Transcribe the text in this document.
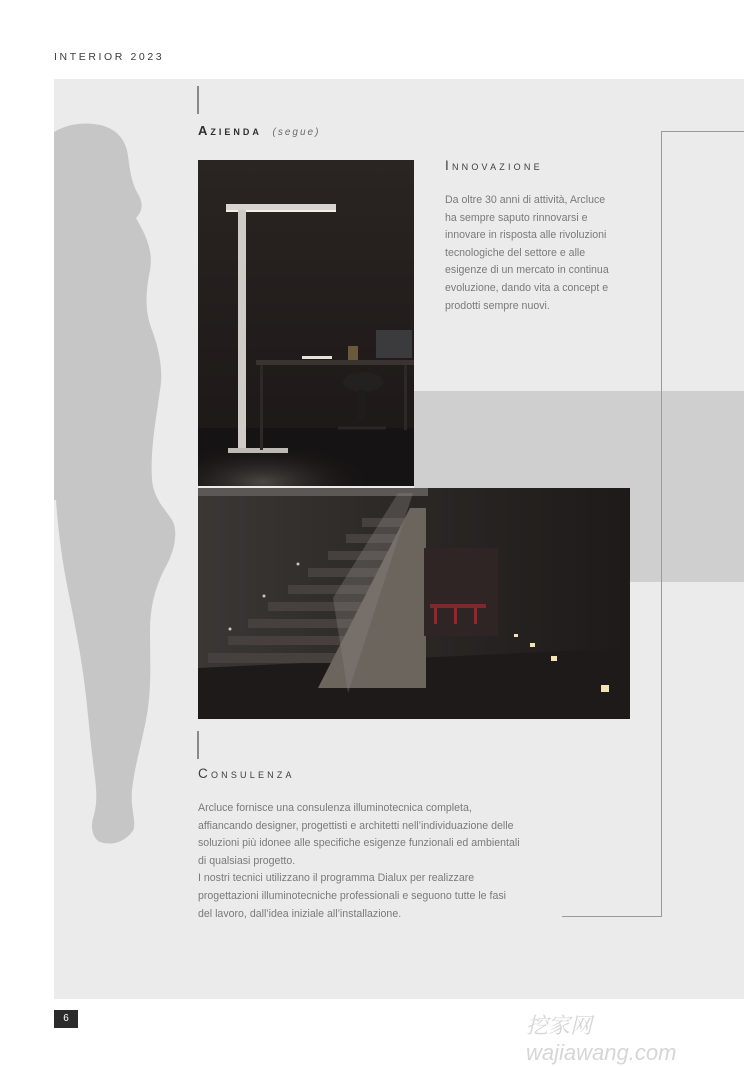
INTERIOR 2023
Azienda (segue)
Innovazione
Da oltre 30 anni di attività, Arcluce
ha sempre saputo rinnovarsi e
innovare in risposta alle rivoluzioni
tecnologiche del settore e alle
esigenze di un mercato in continua
evoluzione, dando vita a concept e
prodotti sempre nuovi.
Consulenza
Arcluce fornisce una consulenza illuminotecnica completa,
affiancando designer, progettisti e architetti nell’individuazione delle
soluzioni più idonee alle specifiche esigenze funzionali ed ambientali
di qualsiasi progetto.
I nostri tecnici utilizzano il programma Dialux per realizzare
progettazioni illuminotecniche professionali e seguono tutte le fasi
del lavoro, dall’idea iniziale all’installazione.
6	挖家网 wajiawang.com
